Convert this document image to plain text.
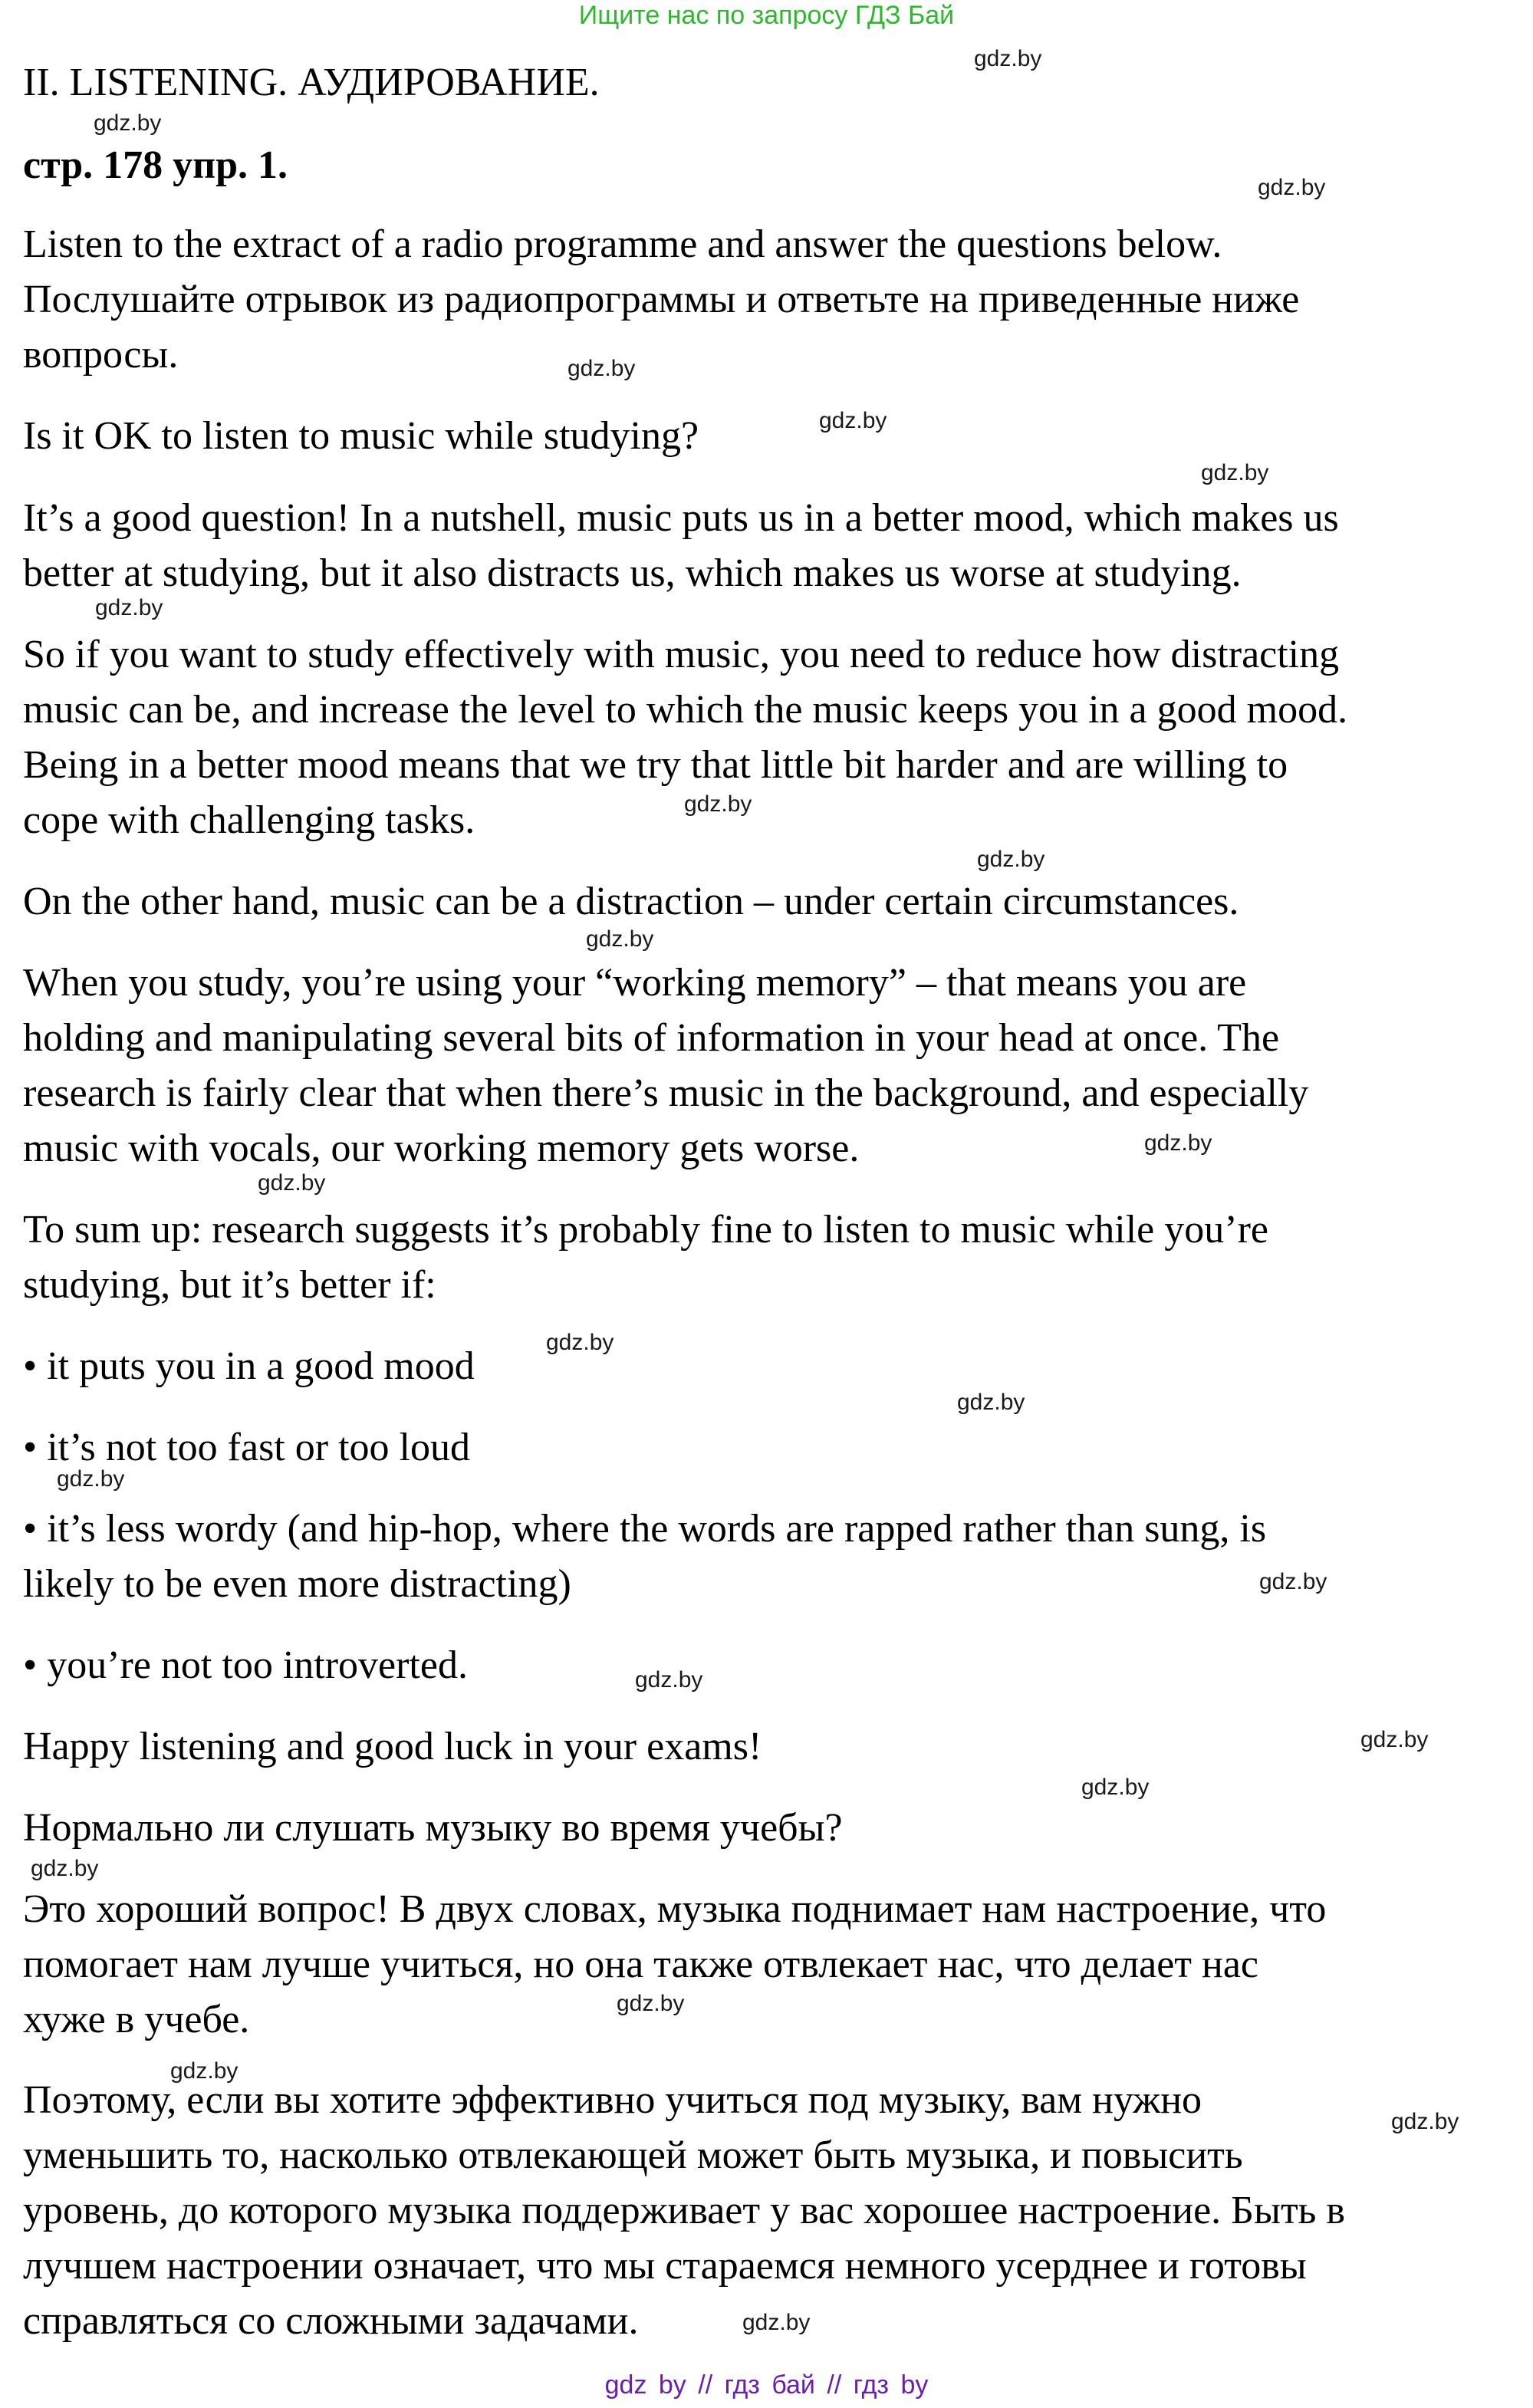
Ищите нас по запросу ГДЗ Бай
II. LISTENING. АУДИРОВАНИЕ.
стр. 178 упр. 1.
Listen to the extract of a radio programme and answer the questions below.
Послушайте отрывок из радиопрограммы и ответьте на приведенные ниже
вопросы.
Is it OK to listen to music while studying?
It’s a good question! In a nutshell, music puts us in a better mood, which makes us
better at studying, but it also distracts us, which makes us worse at studying.
So if you want to study effectively with music, you need to reduce how distracting
music can be, and increase the level to which the music keeps you in a good mood.
Being in a better mood means that we try that little bit harder and are willing to
cope with challenging tasks.
On the other hand, music can be a distraction – under certain circumstances.
When you study, you’re using your “working memory” – that means you are
holding and manipulating several bits of information in your head at once. The
research is fairly clear that when there’s music in the background, and especially
music with vocals, our working memory gets worse.
To sum up: research suggests it’s probably fine to listen to music while you’re
studying, but it’s better if:
• it puts you in a good mood
• it’s not too fast or too loud
• it’s less wordy (and hip-hop, where the words are rapped rather than sung, is
likely to be even more distracting)
• you’re not too introverted.
Happy listening and good luck in your exams!
Нормально ли слушать музыку во время учебы?
Это хороший вопрос! В двух словах, музыка поднимает нам настроение, что
помогает нам лучше учиться, но она также отвлекает нас, что делает нас
хуже в учебе.
Поэтому, если вы хотите эффективно учиться под музыку, вам нужно
уменьшить то, насколько отвлекающей может быть музыка, и повысить
уровень, до которого музыка поддерживает у вас хорошее настроение. Быть в
лучшем настроении означает, что мы стараемся немного усерднее и готовы
справляться со сложными задачами.
gdz.by
gdz.by
gdz.by
gdz.by
gdz.by
gdz.by
gdz.by
gdz.by
gdz.by
gdz.by
gdz.by
gdz.by
gdz.by
gdz.by
gdz.by
gdz.by
gdz.by
gdz.by
gdz.by
gdz.by
gdz.by
gdz.by
gdz.by
gdz.by
gdz by // гдз бай // гдз by
